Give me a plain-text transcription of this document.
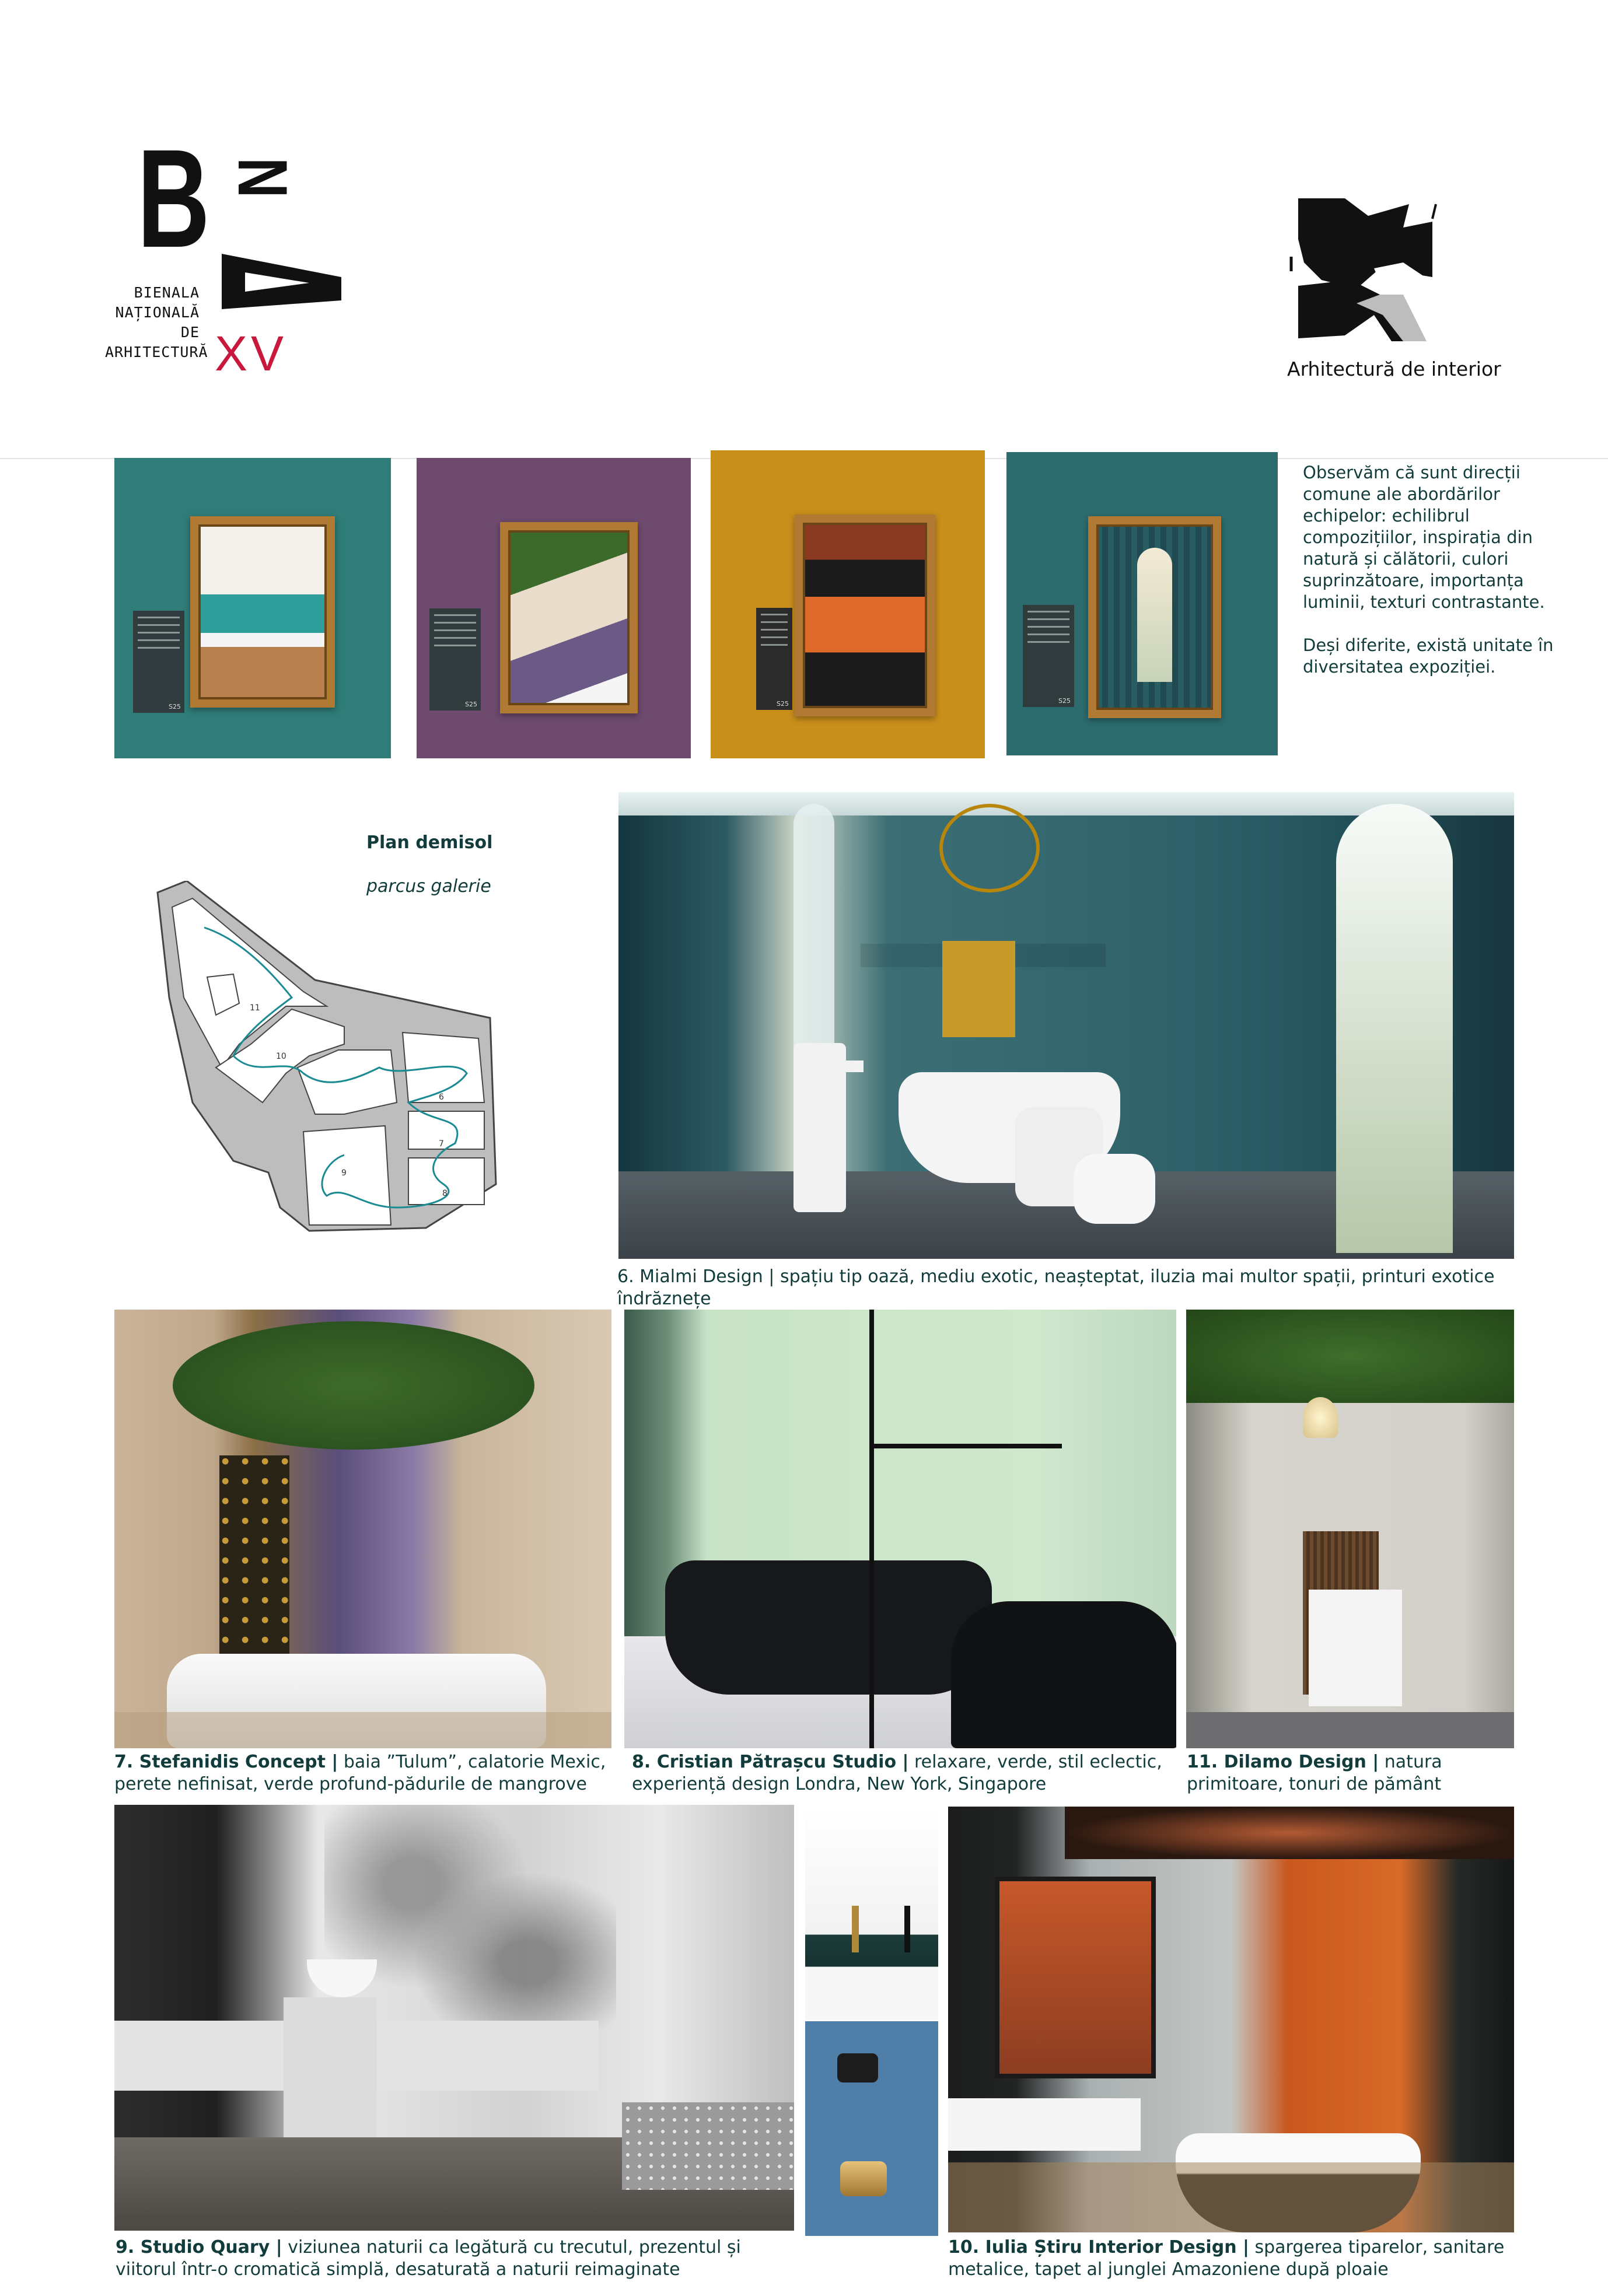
B N
BIENALA
NAȚIONALĂ
DE
ARHITECTURĂ XV	Arhitectură de interior
S25	S25	S25	S25
Observăm că sunt direcții comune ale abordărilor echipelor: echilibrul compozițiilor, inspirația din natură și călătorii, culori suprinzătoare, importanța luminii, texturi contrastante.

Deși diferite, există unitate în diversitatea expoziției.
Plan demisol
parcus galerie
11
10
6
7
9
8
6. Mialmi Design | spațiu tip oază, mediu exotic, neașteptat, iluzia mai multor spații, printuri exotice îndrăznețe
7. Stefanidis Concept | baia ”Tulum”, calatorie Mexic, perete nefinisat, verde profund-pădurile de mangrove
8. Cristian Pătrașcu Studio | relaxare, verde, stil eclectic, experiență design Londra, New York, Singapore
11. Dilamo Design | natura primitoare, tonuri de pământ
9. Studio Quary | viziunea naturii ca legătură cu trecutul, prezentul și viitorul într-o cromatică simplă, desaturată a naturii reimaginate
10. Iulia Știru Interior Design | spargerea tiparelor, sanitare metalice, tapet al junglei Amazoniene după ploaie
